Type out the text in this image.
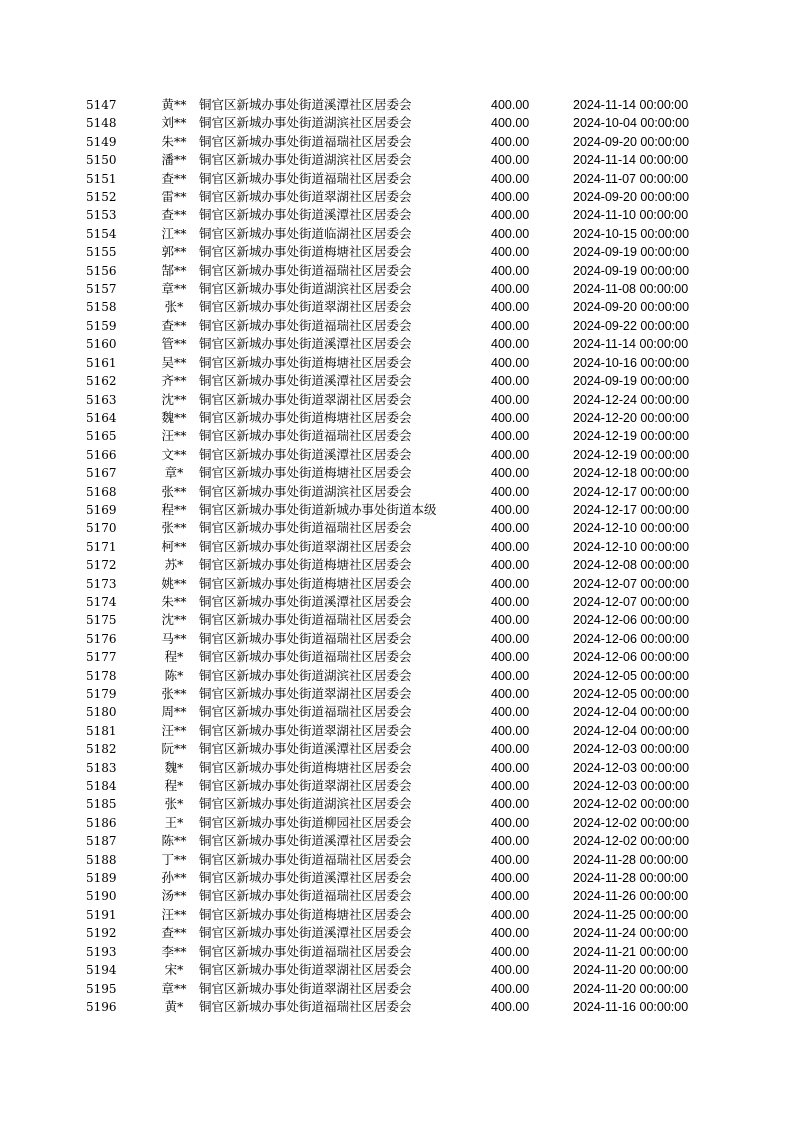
5147	黄**	铜官区新城办事处街道溪潭社区居委会	400.00	2024-11-14 00:00:00
5148	刘**	铜官区新城办事处街道湖滨社区居委会	400.00	2024-10-04 00:00:00
5149	朱**	铜官区新城办事处街道福瑞社区居委会	400.00	2024-09-20 00:00:00
5150	潘**	铜官区新城办事处街道湖滨社区居委会	400.00	2024-11-14 00:00:00
5151	查**	铜官区新城办事处街道福瑞社区居委会	400.00	2024-11-07 00:00:00
5152	雷**	铜官区新城办事处街道翠湖社区居委会	400.00	2024-09-20 00:00:00
5153	查**	铜官区新城办事处街道溪潭社区居委会	400.00	2024-11-10 00:00:00
5154	江**	铜官区新城办事处街道临湖社区居委会	400.00	2024-10-15 00:00:00
5155	郭**	铜官区新城办事处街道梅塘社区居委会	400.00	2024-09-19 00:00:00
5156	郜**	铜官区新城办事处街道福瑞社区居委会	400.00	2024-09-19 00:00:00
5157	章**	铜官区新城办事处街道湖滨社区居委会	400.00	2024-11-08 00:00:00
5158	张*	铜官区新城办事处街道翠湖社区居委会	400.00	2024-09-20 00:00:00
5159	查**	铜官区新城办事处街道福瑞社区居委会	400.00	2024-09-22 00:00:00
5160	管**	铜官区新城办事处街道溪潭社区居委会	400.00	2024-11-14 00:00:00
5161	吴**	铜官区新城办事处街道梅塘社区居委会	400.00	2024-10-16 00:00:00
5162	齐**	铜官区新城办事处街道溪潭社区居委会	400.00	2024-09-19 00:00:00
5163	沈**	铜官区新城办事处街道翠湖社区居委会	400.00	2024-12-24 00:00:00
5164	魏**	铜官区新城办事处街道梅塘社区居委会	400.00	2024-12-20 00:00:00
5165	汪**	铜官区新城办事处街道福瑞社区居委会	400.00	2024-12-19 00:00:00
5166	文**	铜官区新城办事处街道溪潭社区居委会	400.00	2024-12-19 00:00:00
5167	章*	铜官区新城办事处街道梅塘社区居委会	400.00	2024-12-18 00:00:00
5168	张**	铜官区新城办事处街道湖滨社区居委会	400.00	2024-12-17 00:00:00
5169	程**	铜官区新城办事处街道新城办事处街道本级	400.00	2024-12-17 00:00:00
5170	张**	铜官区新城办事处街道福瑞社区居委会	400.00	2024-12-10 00:00:00
5171	柯**	铜官区新城办事处街道翠湖社区居委会	400.00	2024-12-10 00:00:00
5172	苏*	铜官区新城办事处街道梅塘社区居委会	400.00	2024-12-08 00:00:00
5173	姚**	铜官区新城办事处街道梅塘社区居委会	400.00	2024-12-07 00:00:00
5174	朱**	铜官区新城办事处街道溪潭社区居委会	400.00	2024-12-07 00:00:00
5175	沈**	铜官区新城办事处街道福瑞社区居委会	400.00	2024-12-06 00:00:00
5176	马**	铜官区新城办事处街道福瑞社区居委会	400.00	2024-12-06 00:00:00
5177	程*	铜官区新城办事处街道福瑞社区居委会	400.00	2024-12-06 00:00:00
5178	陈*	铜官区新城办事处街道湖滨社区居委会	400.00	2024-12-05 00:00:00
5179	张**	铜官区新城办事处街道翠湖社区居委会	400.00	2024-12-05 00:00:00
5180	周**	铜官区新城办事处街道福瑞社区居委会	400.00	2024-12-04 00:00:00
5181	汪**	铜官区新城办事处街道翠湖社区居委会	400.00	2024-12-04 00:00:00
5182	阮**	铜官区新城办事处街道溪潭社区居委会	400.00	2024-12-03 00:00:00
5183	魏*	铜官区新城办事处街道梅塘社区居委会	400.00	2024-12-03 00:00:00
5184	程*	铜官区新城办事处街道翠湖社区居委会	400.00	2024-12-03 00:00:00
5185	张*	铜官区新城办事处街道湖滨社区居委会	400.00	2024-12-02 00:00:00
5186	王*	铜官区新城办事处街道柳园社区居委会	400.00	2024-12-02 00:00:00
5187	陈**	铜官区新城办事处街道溪潭社区居委会	400.00	2024-12-02 00:00:00
5188	丁**	铜官区新城办事处街道福瑞社区居委会	400.00	2024-11-28 00:00:00
5189	孙**	铜官区新城办事处街道溪潭社区居委会	400.00	2024-11-28 00:00:00
5190	汤**	铜官区新城办事处街道福瑞社区居委会	400.00	2024-11-26 00:00:00
5191	汪**	铜官区新城办事处街道梅塘社区居委会	400.00	2024-11-25 00:00:00
5192	查**	铜官区新城办事处街道溪潭社区居委会	400.00	2024-11-24 00:00:00
5193	李**	铜官区新城办事处街道福瑞社区居委会	400.00	2024-11-21 00:00:00
5194	宋*	铜官区新城办事处街道翠湖社区居委会	400.00	2024-11-20 00:00:00
5195	章**	铜官区新城办事处街道翠湖社区居委会	400.00	2024-11-20 00:00:00
5196	黄*	铜官区新城办事处街道福瑞社区居委会	400.00	2024-11-16 00:00:00
